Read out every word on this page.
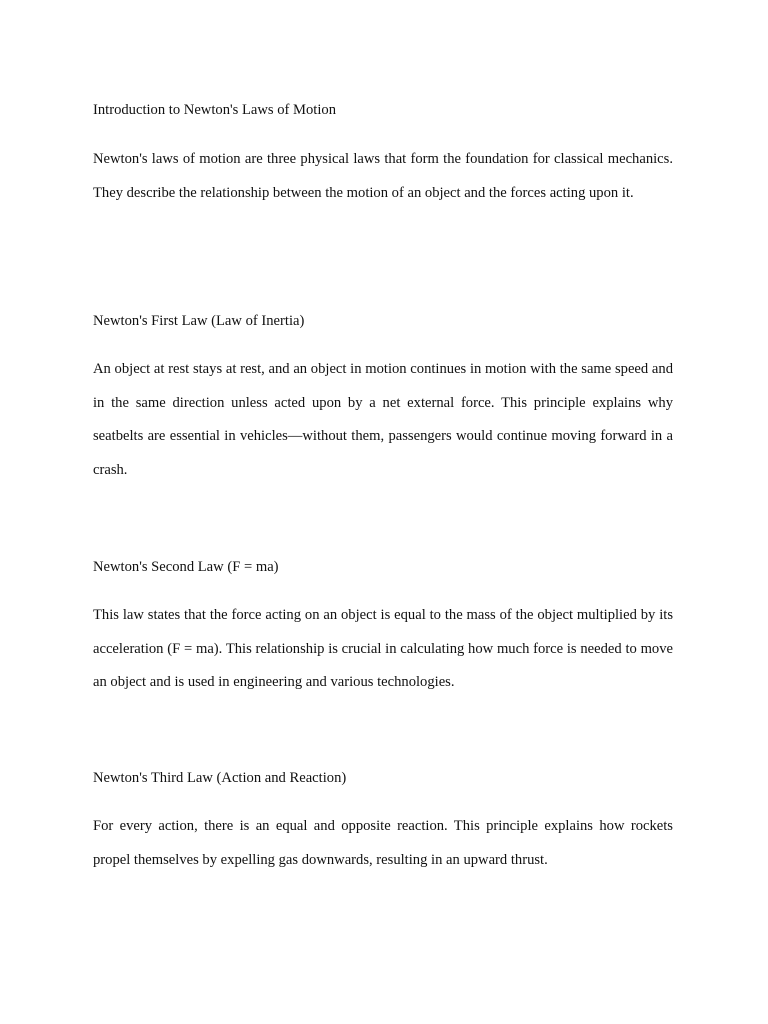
Introduction to Newton's Laws of Motion

Newton's laws of motion are three physical laws that form the foundation for classical mechanics. They describe the relationship between the motion of an object and the forces acting upon it.

Newton's First Law (Law of Inertia)

An object at rest stays at rest, and an object in motion continues in motion with the same speed and in the same direction unless acted upon by a net external force. This principle explains why seatbelts are essential in vehicles—without them, passengers would continue moving forward in a crash.

Newton's Second Law (F = ma)

This law states that the force acting on an object is equal to the mass of the object multiplied by its acceleration (F = ma). This relationship is crucial in calculating how much force is needed to move an object and is used in engineering and various technologies.

Newton's Third Law (Action and Reaction)

For every action, there is an equal and opposite reaction. This principle explains how rockets propel themselves by expelling gas downwards, resulting in an upward thrust.
